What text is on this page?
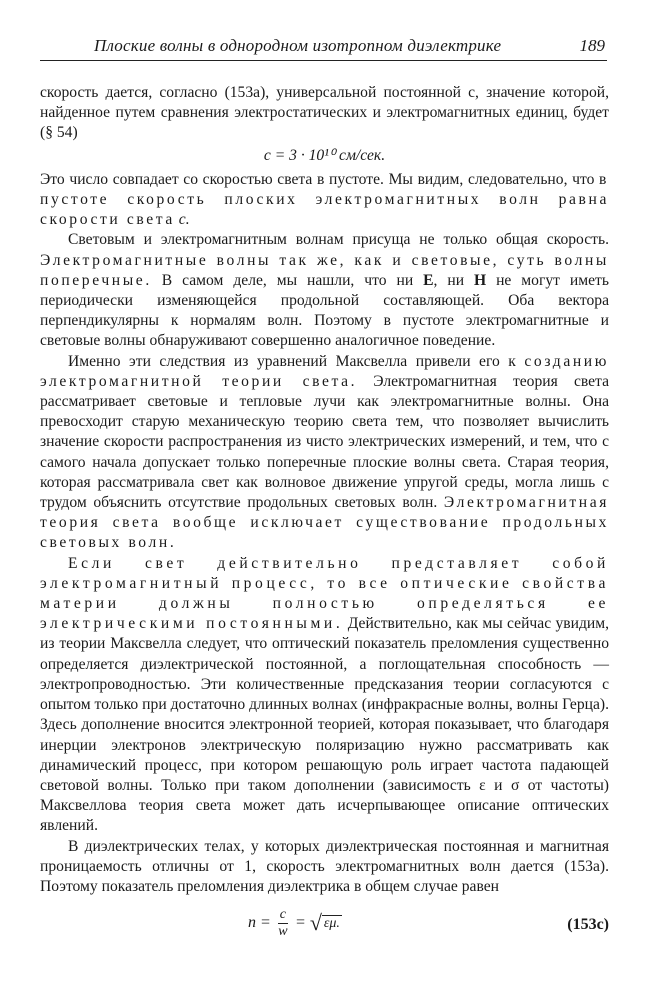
Плоские волны в однородном изотропном диэлектрике	189

скорость дается, согласно (153а), универсальной постоянной c, значение которой, найденное путем сравнения электростатических и электромагнитных единиц, будет (§ 54)

c = 3 · 10¹⁰ см/сек.

Это число совпадает со скоростью света в пустоте. Мы видим, следовательно, что в пустоте скорость плоских электромагнитных волн равна скорости света c.

Световым и электромагнитным волнам присуща не только общая скорость. Электромагнитные волны так же, как и световые, суть волны поперечные. В самом деле, мы нашли, что ни E, ни H не могут иметь периодически изменяющейся продольной составляющей. Оба вектора перпендикулярны к нормалям волн. Поэтому в пустоте электромагнитные и световые волны обнаруживают совершенно аналогичное поведение.

Именно эти следствия из уравнений Максвелла привели его к созданию электромагнитной теории света. Электромагнитная теория света рассматривает световые и тепловые лучи как электромагнитные волны. Она превосходит старую механическую теорию света тем, что позволяет вычислить значение скорости распространения из чисто электрических измерений, и тем, что с самого начала допускает только поперечные плоские волны света. Старая теория, которая рассматривала свет как волновое движение упругой среды, могла лишь с трудом объяснить отсутствие продольных световых волн. Электромагнитная теория света вообще исключает существование продольных световых волн.

Если свет действительно представляет собой электромагнитный процесс, то все оптические свойства материи должны полностью определяться ее электрическими постоянными. Действительно, как мы сейчас увидим, из теории Максвелла следует, что оптический показатель преломления существенно определяется диэлектрической постоянной, а поглощательная способность — электропроводностью. Эти количественные предсказания теории согласуются с опытом только при достаточно длинных волнах (инфракрасные волны, волны Герца). Здесь дополнение вносится электронной теорией, которая показывает, что благодаря инерции электронов электрическую поляризацию нужно рассматривать как динамический процесс, при котором решающую роль играет частота падающей световой волны. Только при таком дополнении (зависимость ε и σ от частоты) Максвеллова теория света может дать исчерпывающее описание оптических явлений.

В диэлектрических телах, у которых диэлектрическая постоянная и магнитная проницаемость отличны от 1, скорость электромагнитных волн дается (153а). Поэтому показатель преломления диэлектрика в общем случае равен

$n = \frac{c}{w}$ = √ εμ.	(153с)
